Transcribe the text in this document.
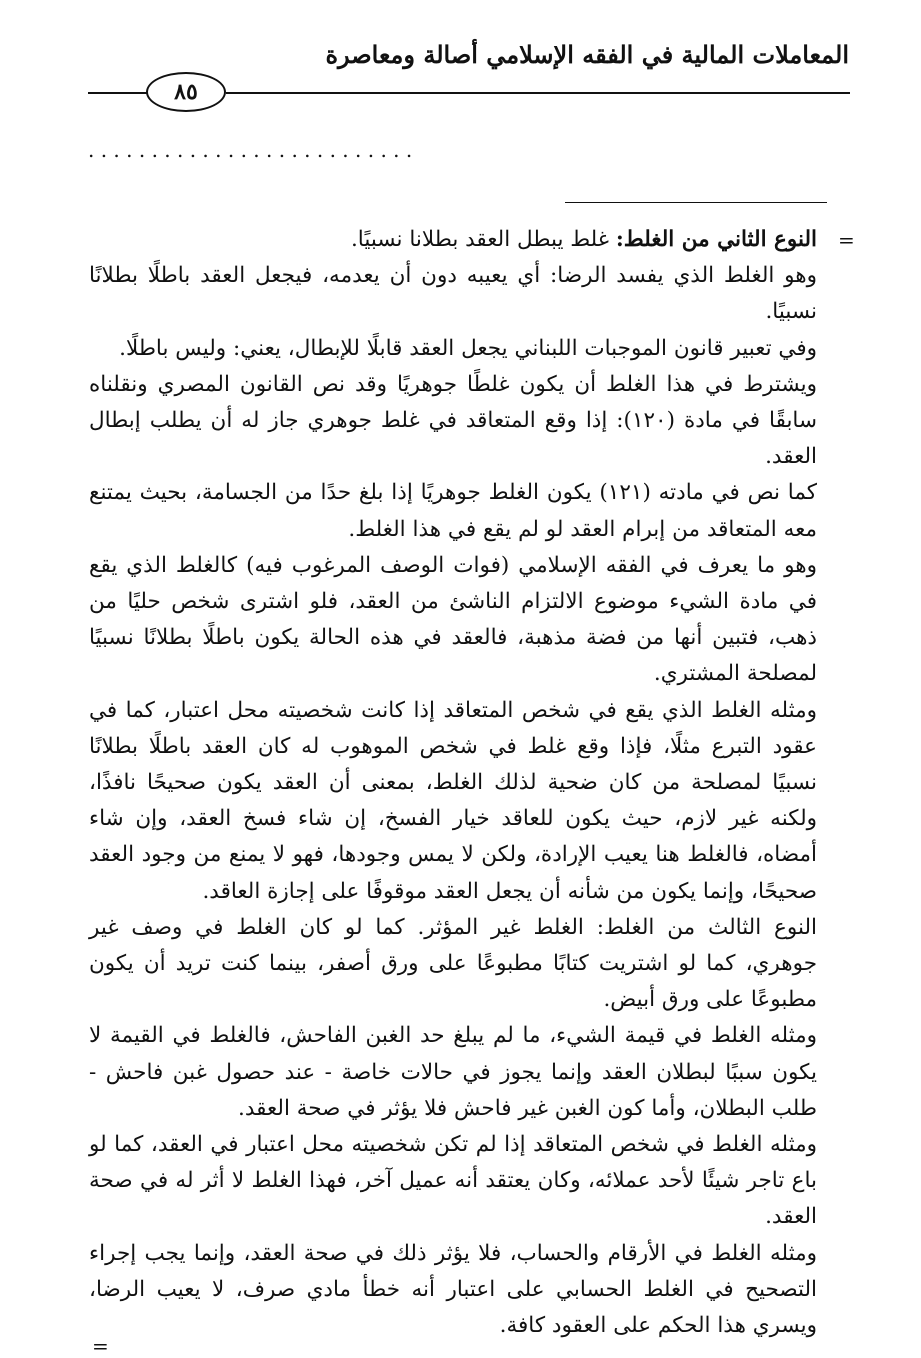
المعاملات المالية في الفقه الإسلامي أصالة ومعاصرة
٨٥
. . . . . . . . . . . . . . . . . . . . . . . . . .
=

النوع الثاني من الغلط: غلط يبطل العقد بطلانا نسبيًا.

وهو الغلط الذي يفسد الرضا: أي يعيبه دون أن يعدمه، فيجعل العقد باطلًا بطلانًا نسبيًا.

وفي تعبير قانون الموجبات اللبناني يجعل العقد قابلًا للإبطال، يعني: وليس باطلًا.

ويشترط في هذا الغلط أن يكون غلطًا جوهريًا وقد نص القانون المصري ونقلناه سابقًا في مادة (١٢٠): إذا وقع المتعاقد في غلط جوهري جاز له أن يطلب إبطال العقد.

كما نص في مادته (١٢١) يكون الغلط جوهريًا إذا بلغ حدًا من الجسامة، بحيث يمتنع معه المتعاقد من إبرام العقد لو لم يقع في هذا الغلط.

وهو ما يعرف في الفقه الإسلامي (فوات الوصف المرغوب فيه) كالغلط الذي يقع في مادة الشيء موضوع الالتزام الناشئ من العقد، فلو اشترى شخص حليًا من ذهب، فتبين أنها من فضة مذهبة، فالعقد في هذه الحالة يكون باطلًا بطلانًا نسبيًا لمصلحة المشتري.

ومثله الغلط الذي يقع في شخص المتعاقد إذا كانت شخصيته محل اعتبار، كما في عقود التبرع مثلًا، فإذا وقع غلط في شخص الموهوب له كان العقد باطلًا بطلانًا نسبيًا لمصلحة من كان ضحية لذلك الغلط، بمعنى أن العقد يكون صحيحًا نافذًا، ولكنه غير لازم، حيث يكون للعاقد خيار الفسخ، إن شاء فسخ العقد، وإن شاء أمضاه، فالغلط هنا يعيب الإرادة، ولكن لا يمس وجودها، فهو لا يمنع من وجود العقد صحيحًا، وإنما يكون من شأنه أن يجعل العقد موقوفًا على إجازة العاقد.

النوع الثالث من الغلط: الغلط غير المؤثر. كما لو كان الغلط في وصف غير جوهري، كما لو اشتريت كتابًا مطبوعًا على ورق أصفر، بينما كنت تريد أن يكون مطبوعًا على ورق أبيض.

ومثله الغلط في قيمة الشيء، ما لم يبلغ حد الغبن الفاحش، فالغلط في القيمة لا يكون سببًا لبطلان العقد وإنما يجوز في حالات خاصة - عند حصول غبن فاحش - طلب البطلان، وأما كون الغبن غير فاحش فلا يؤثر في صحة العقد.

ومثله الغلط في شخص المتعاقد إذا لم تكن شخصيته محل اعتبار في العقد، كما لو باع تاجر شيئًا لأحد عملائه، وكان يعتقد أنه عميل آخر، فهذا الغلط لا أثر له في صحة العقد.

ومثله الغلط في الأرقام والحساب، فلا يؤثر ذلك في صحة العقد، وإنما يجب إجراء التصحيح في الغلط الحسابي على اعتبار أنه خطأ مادي صرف، لا يعيب الرضا، ويسري هذا الحكم على العقود كافة.

=
